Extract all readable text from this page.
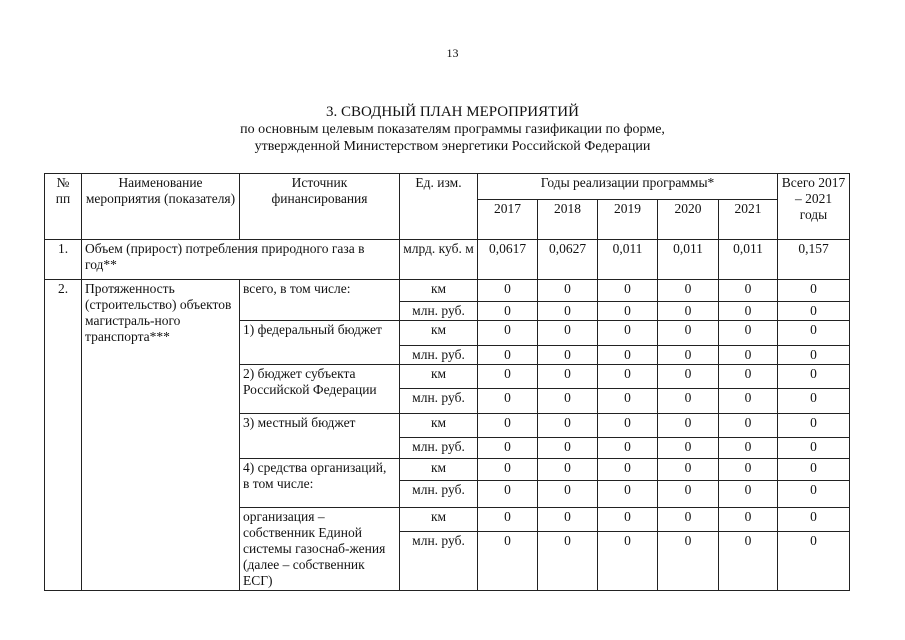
13
3. СВОДНЫЙ ПЛАН МЕРОПРИЯТИЙ
по основным целевым показателям программы газификации по форме,
утвержденной Министерством энергетики Российской Федерации
№ пп	Наименование мероприятия (показателя)	Источник финансирования	Ед. изм.	Годы реализации программы*					Всего 2017 – 2021 годы
				2017	2018	2019	2020	2021	
1.	Объем (прирост) потребления природного газа в год**		млрд. куб. м	0,0617	0,0627	0,011	0,011	0,011	0,157
2.	Протяженность (строительство) объектов магистраль-ного транспорта***	всего, в том числе:	км	0	0	0	0	0	0
			млн. руб.	0	0	0	0	0	0
		1) федеральный бюджет	км	0	0	0	0	0	0
			млн. руб.	0	0	0	0	0	0
		2) бюджет субъекта Российской Федерации	км	0	0	0	0	0	0
			млн. руб.	0	0	0	0	0	0
		3) местный бюджет	км	0	0	0	0	0	0
			млн. руб.	0	0	0	0	0	0
		4) средства организаций, в том числе:	км	0	0	0	0	0	0
			млн. руб.	0	0	0	0	0	0
		организация – собственник Единой системы газоснаб-жения (далее – собственник ЕСГ)	км	0	0	0	0	0	0
			млн. руб.	0	0	0	0	0	0
